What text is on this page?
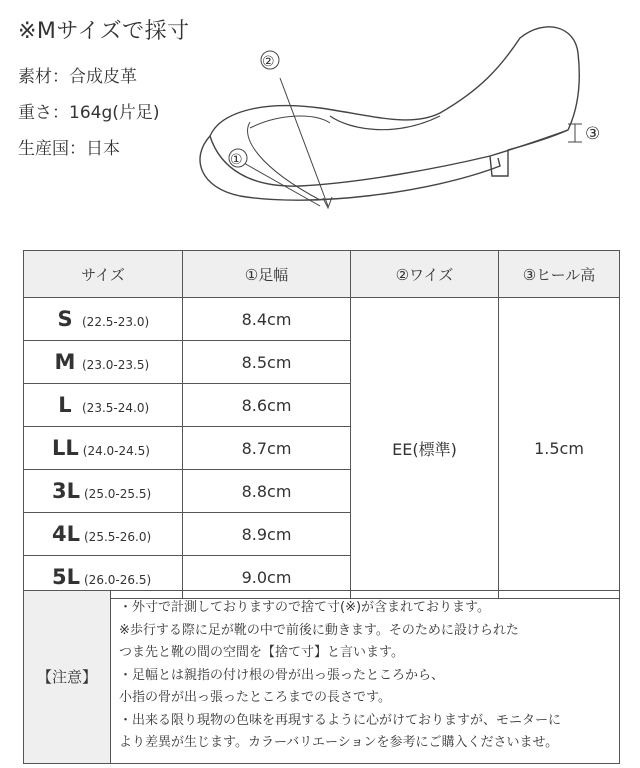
※Mサイズで採寸
素材：合成皮革
重さ：164g(片足)
生産国：日本
②
①
③
サイズ	①足幅	②ワイズ	③ヒール高
S (22.5-23.0)	8.4cm	EE(標準)	1.5cm
M (23.0-23.5)	8.5cm		
L (23.5-24.0)	8.6cm		
LL (24.0-24.5)	8.7cm		
3L (25.0-25.5)	8.8cm		
4L (25.5-26.0)	8.9cm		
5L (26.0-26.5)	9.0cm		
【注意】	
・外寸で計測しておりますので捨て寸(※)が含まれております。
※歩行する際に足が靴の中で前後に動きます。そのために設けられた
つま先と靴の間の空間を【捨て寸】と言います。
・足幅とは親指の付け根の骨が出っ張ったところから、
小指の骨が出っ張ったところまでの長さです。
・出来る限り現物の色味を再現するように心がけておりますが、モニターに
より差異が生じます。カラーバリエーションを参考にご購入くださいませ。
